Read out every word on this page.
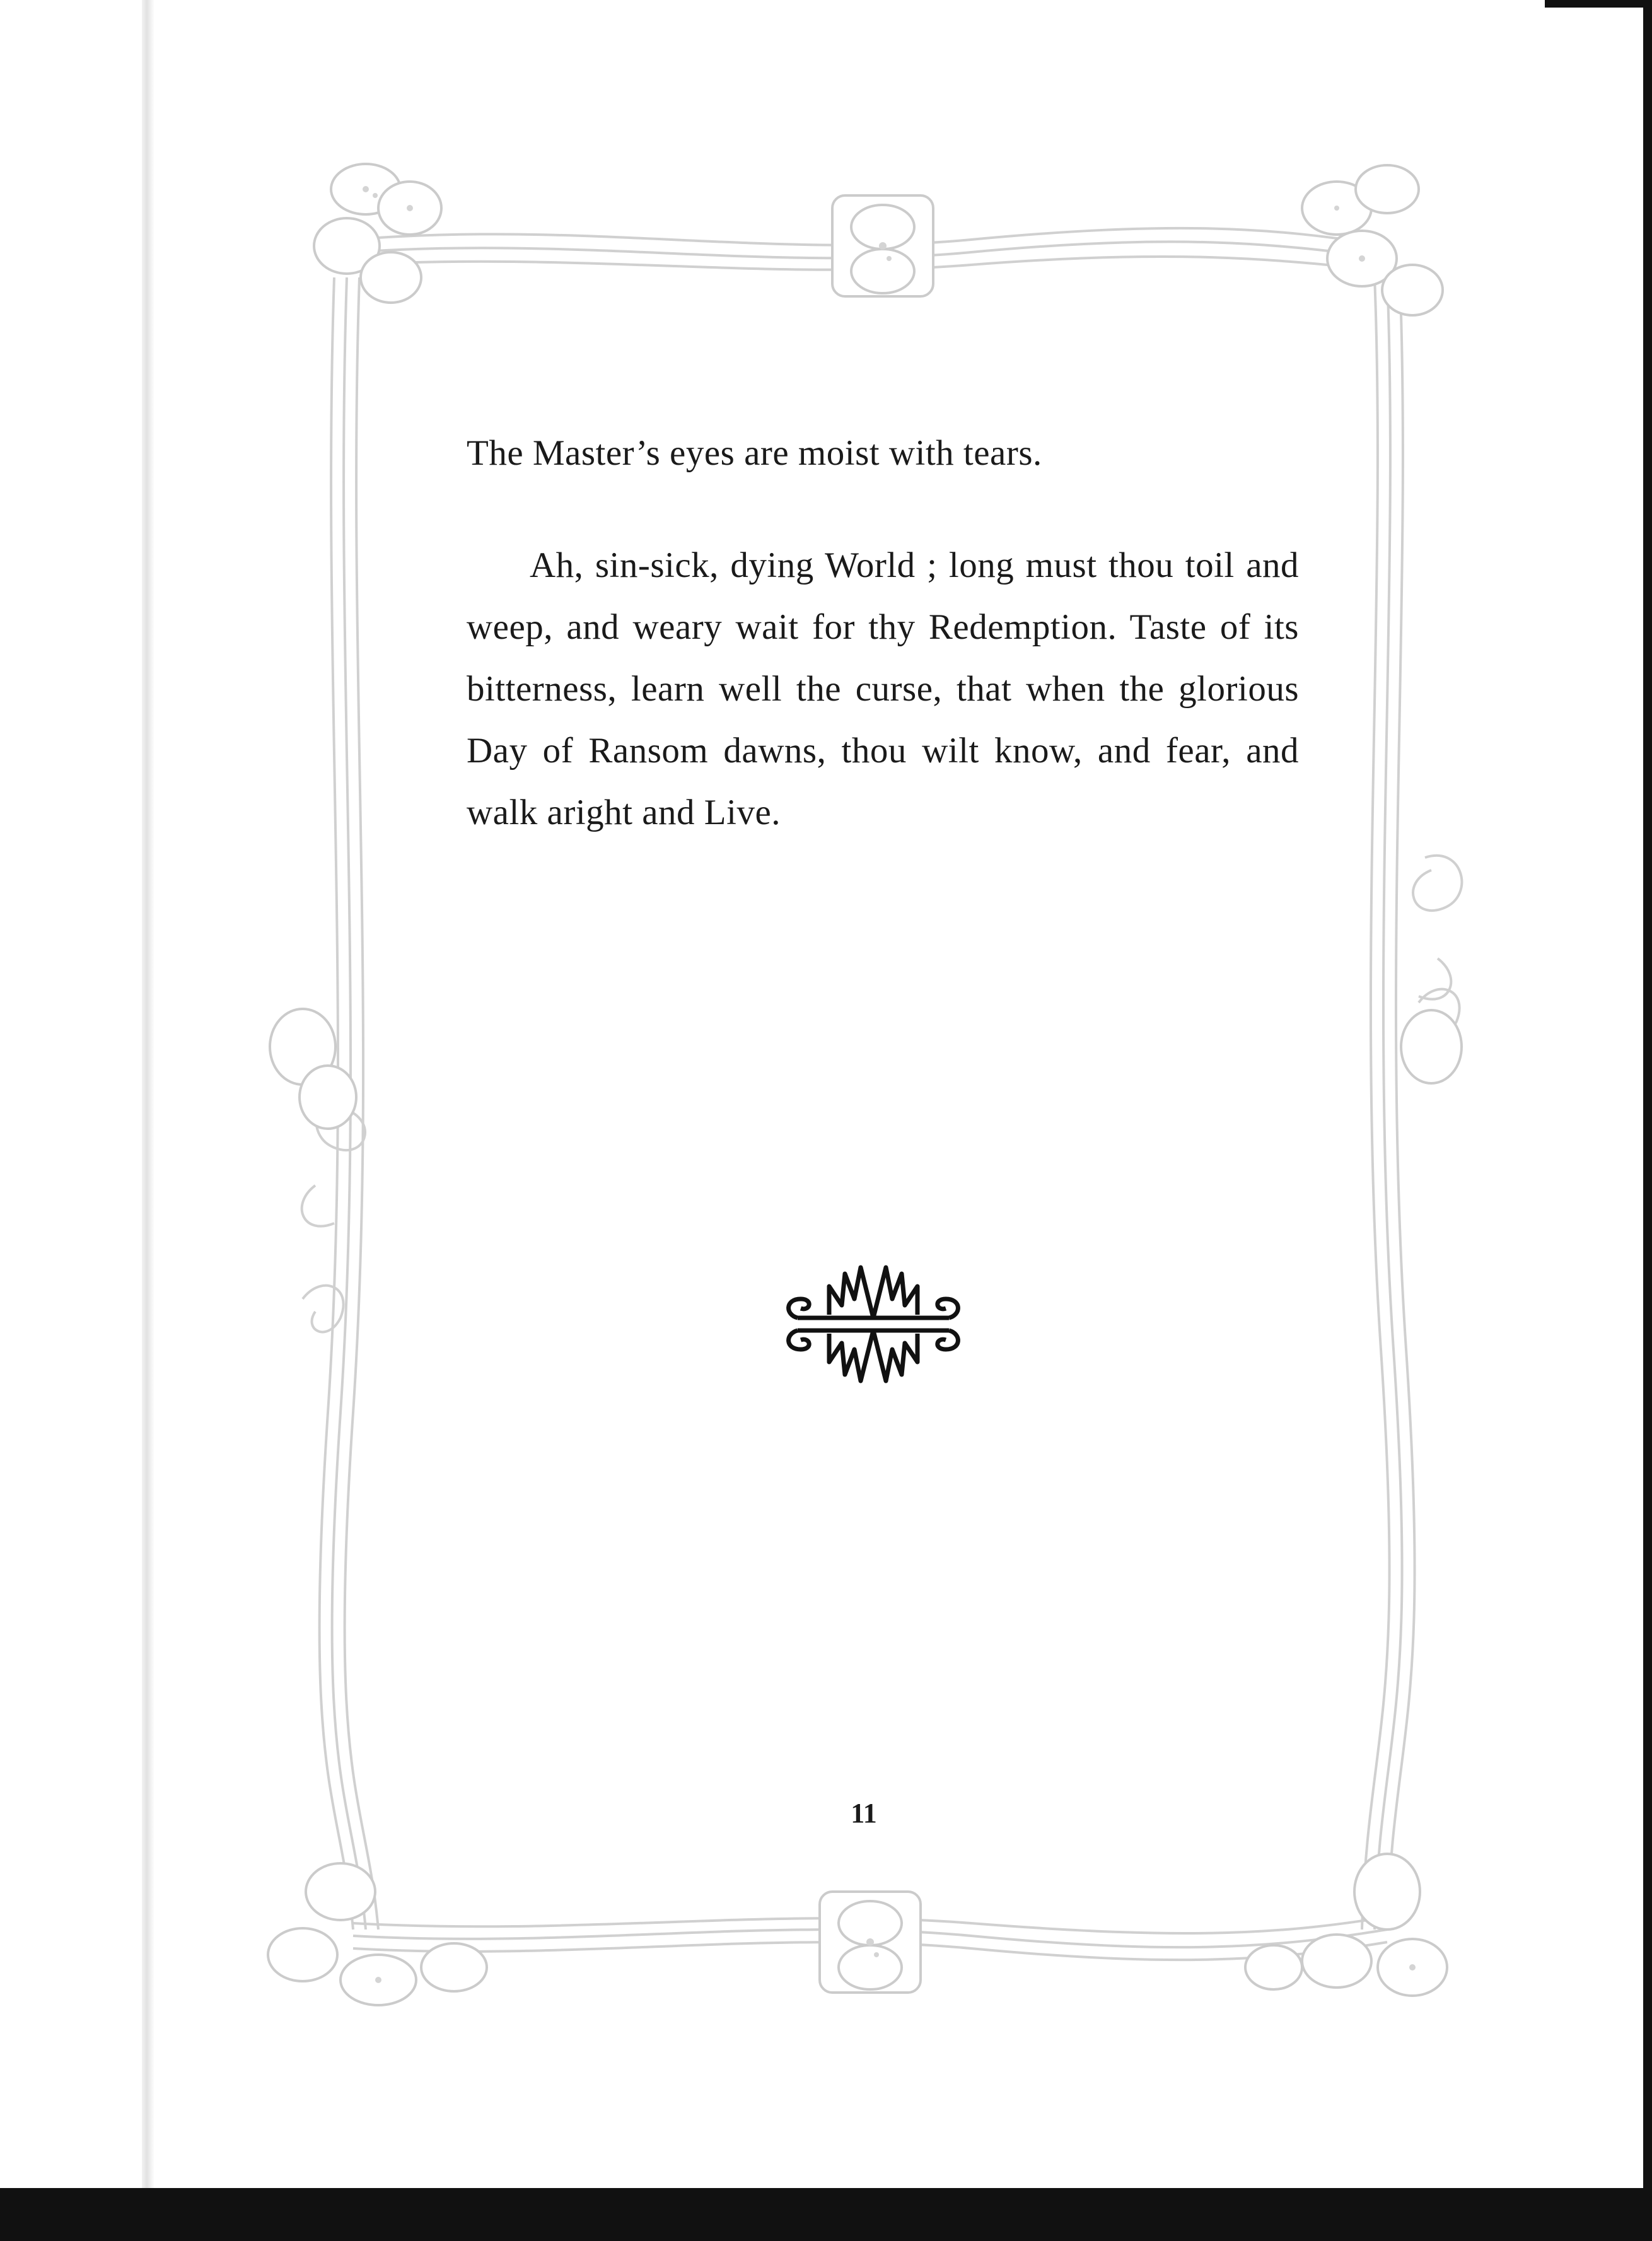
The Master’s eyes are moist with tears.

Ah, sin-sick, dying World ; long must thou toil and weep, and weary wait for thy Redemption. Taste of its bitterness, learn well the curse, that when the glorious Day of Ransom dawns, thou wilt know, and fear, and walk aright and Live.

11
